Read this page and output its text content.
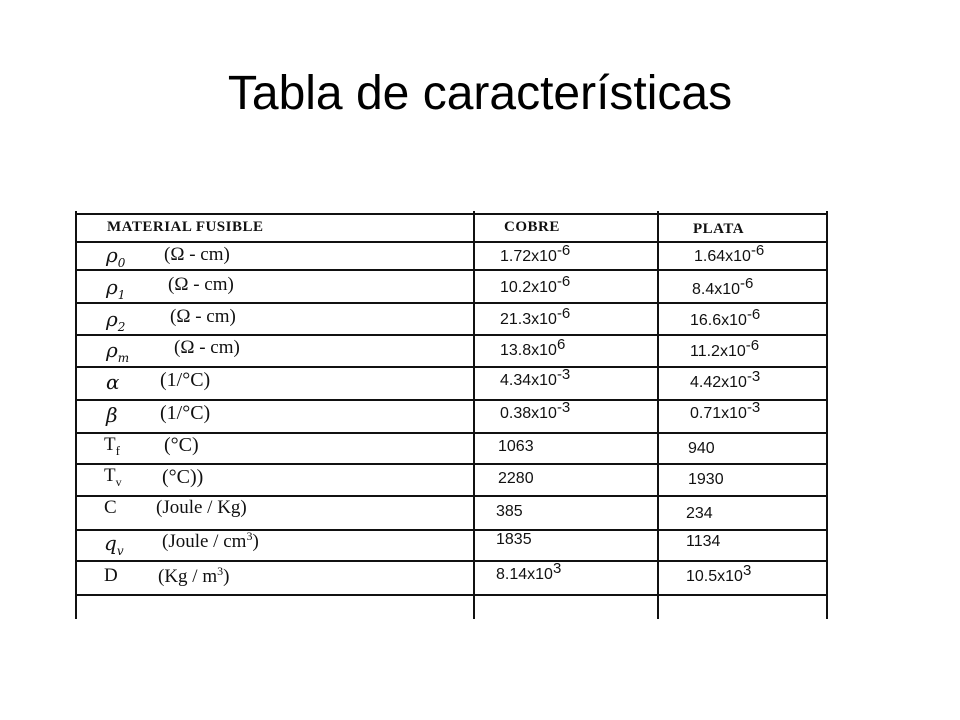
Tabla de características
MATERIAL FUSIBLE	COBRE	PLATA
$\rho_0$ (Ω - cm)	$1.72x10^{-6}$	$1.64x10^{-6}$
$\rho_1$ (Ω - cm)	$10.2x10^{-6}$	$8.4x10^{-6}$
$\rho_2$ (Ω - cm)	$21.3x10^{-6}$	$16.6x10^{-6}$
$\rho_m$ (Ω - cm)	$13.8x10^6$	$11.2x10^{-6}$
α (1/°C)	$4.34x10^{-3}$	$4.42x10^{-3}$
β (1/°C)	$0.38x10^{-3}$	$0.71x10^{-3}$
$T_f$ (°C)	1063	940
$T_v$ (°C))	2280	1930
C (Joule / Kg)	385	234
$q_v$ (Joule / $cm^3$)	1835	1134
D $(Kg / m^3)$	$8.14x10^3$	$10.5x10^3$
